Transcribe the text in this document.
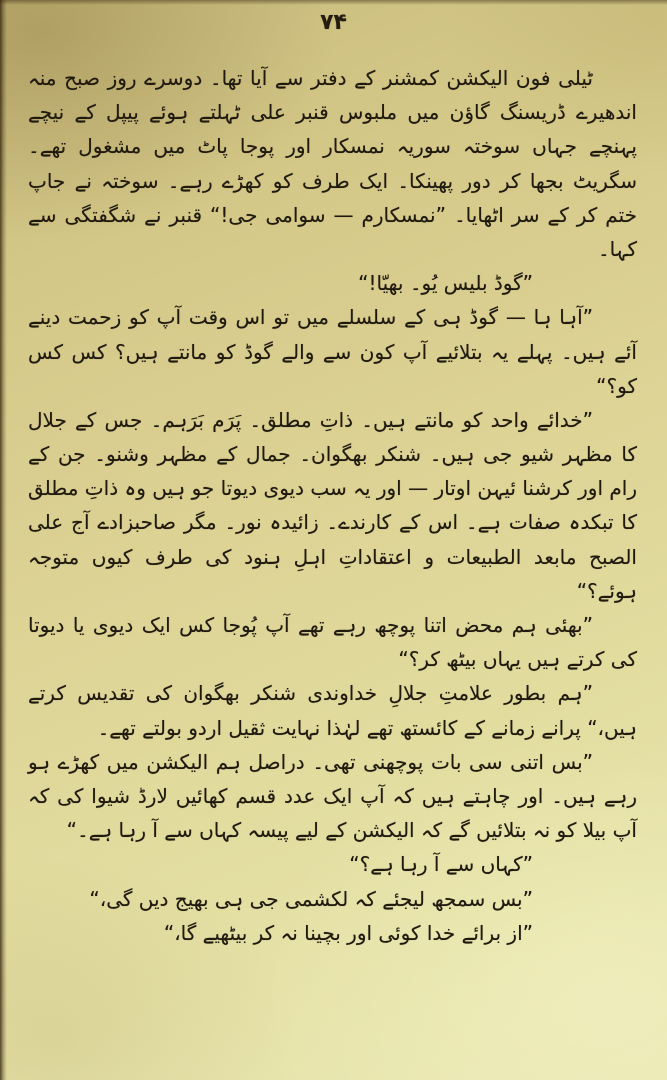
۷۴

ٹیلی فون الیکشن کمشنر کے دفتر سے آیا تھا۔ دوسرے روز صبح منہ اندھیرے ڈریسنگ گاؤن میں ملبوس قنبر علی ٹہلتے ہوئے پیپل کے نیچے پہنچے جہاں سوختہ سوریہ نمسکار اور پوجا پاٹ میں مشغول تھے۔ سگریٹ بجھا کر دور پھینکا۔ ایک طرف کو کھڑے رہے۔ سوختہ نے جاپ ختم کر کے سر اٹھایا۔ ”نمسکارم — سوامی جی!“ قنبر نے شگفتگی سے کہا۔

”گوڈ بلیس یُو۔ بھیّا!“

”آہا ہا — گوڈ ہی کے سلسلے میں تو اس وقت آپ کو زحمت دینے آئے ہیں۔ پہلے یہ بتلائیے آپ کون سے والے گوڈ کو مانتے ہیں؟ کس کس کو؟“

”خدائے واحد کو مانتے ہیں۔ ذاتِ مطلق۔ پَرَم بَرَہم۔ جس کے جلال کا مظہر شیو جی ہیں۔ شنکر بھگوان۔ جمال کے مظہر وشنو۔ جن کے رام اور کرشنا ئیہن اوتار — اور یہ سب دیوی دیوتا جو ہیں وہ ذاتِ مطلق کا تبکدہ صفات ہے۔ اس کے کارندے۔ زائیدہ نور۔ مگر صاحبزادے آج علی الصبح مابعد الطبیعات و اعتقاداتِ اہلِ ہنود کی طرف کیوں متوجہ ہوئے؟“

”بھئی ہم محض اتنا پوچھ رہے تھے آپ پُوجا کس ایک دیوی یا دیوتا کی کرتے ہیں یہاں بیٹھ کر؟“

”ہم بطور علامتِ جلالِ خداوندی شنکر بھگوان کی تقدیس کرتے ہیں،“ پرانے زمانے کے کائستھ تھے لہٰذا نہایت ثقیل اردو بولتے تھے۔

”بس اتنی سی بات پوچھنی تھی۔ دراصل ہم الیکشن میں کھڑے ہو رہے ہیں۔ اور چاہتے ہیں کہ آپ ایک عدد قسم کھائیں لارڈ شیوا کی کہ آپ بیلا کو نہ بتلائیں گے کہ الیکشن کے لیے پیسہ کہاں سے آ رہا ہے۔“

”کہاں سے آ رہا ہے؟“

”بس سمجھ لیجئے کہ لکشمی جی ہی بھیج دیں گی،“

”از برائے خدا کوئی اور بچینا نہ کر بیٹھیے گا،“
